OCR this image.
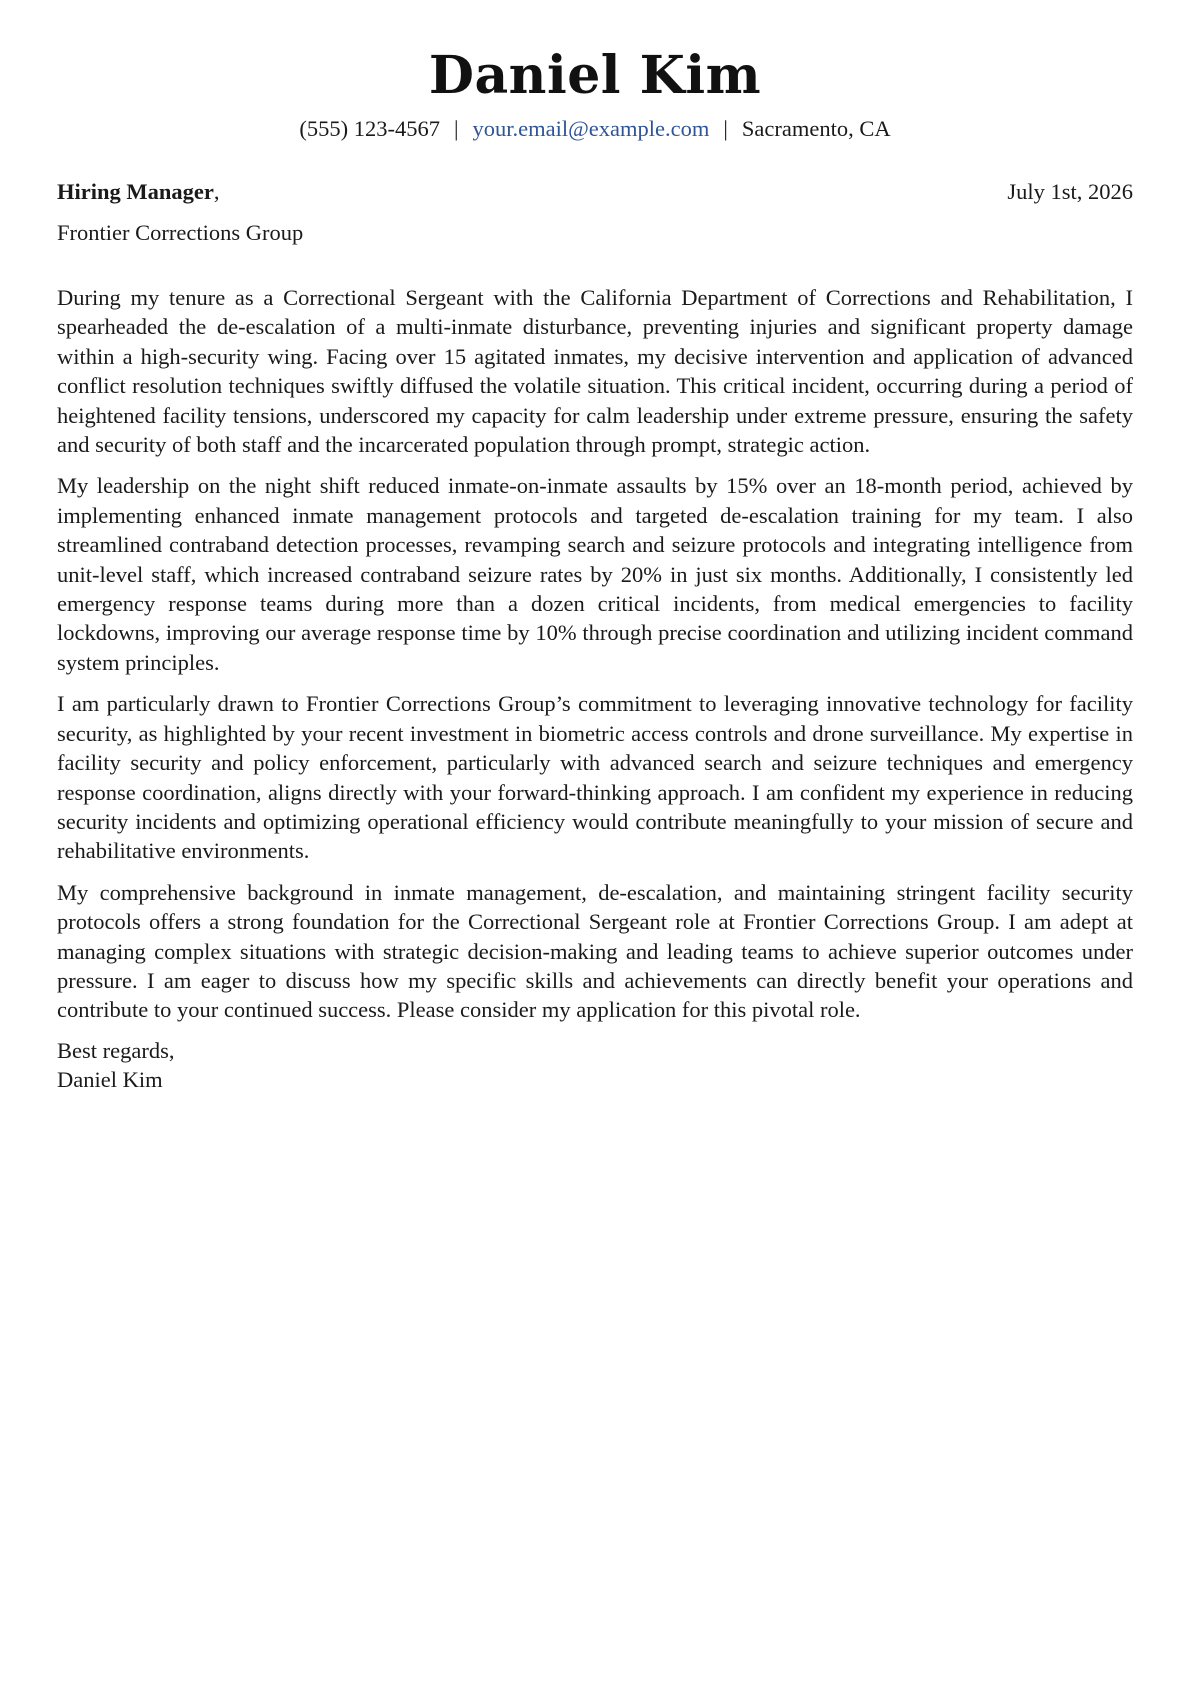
Daniel Kim
(555) 123-4567 | your.email@example.com | Sacramento, CA
Hiring Manager,	July 1st, 2026
Frontier Corrections Group

During my tenure as a Correctional Sergeant with the California Department of Corrections and Rehabilitation, I spearheaded the de-escalation of a multi-inmate disturbance, preventing injuries and significant property damage within a high-security wing. Facing over 15 agitated inmates, my decisive intervention and application of advanced conflict resolution techniques swiftly diffused the volatile situation. This critical incident, occurring during a period of heightened facility tensions, underscored my capacity for calm leadership under extreme pressure, ensuring the safety and security of both staff and the incarcerated population through prompt, strategic action.

My leadership on the night shift reduced inmate-on-inmate assaults by 15% over an 18-month period, achieved by implementing enhanced inmate management protocols and targeted de-escalation training for my team. I also streamlined contraband detection processes, revamping search and seizure protocols and integrating intelligence from unit-level staff, which increased contraband seizure rates by 20% in just six months. Additionally, I consistently led emergency response teams during more than a dozen critical incidents, from medical emergencies to facility lockdowns, improving our average response time by 10% through precise coordination and utilizing incident command system principles.

I am particularly drawn to Frontier Corrections Group’s commitment to leveraging innovative technology for facility security, as highlighted by your recent investment in biometric access controls and drone surveillance. My expertise in facility security and policy enforcement, particularly with advanced search and seizure techniques and emergency response coordination, aligns directly with your forward-thinking approach. I am confident my experience in reducing security incidents and optimizing operational efficiency would contribute meaningfully to your mission of secure and rehabilitative environments.

My comprehensive background in inmate management, de-escalation, and maintaining stringent facility security protocols offers a strong foundation for the Correctional Sergeant role at Frontier Corrections Group. I am adept at managing complex situations with strategic decision-making and leading teams to achieve superior outcomes under pressure. I am eager to discuss how my specific skills and achievements can directly benefit your operations and contribute to your continued success. Please consider my application for this pivotal role.

Best regards,
Daniel Kim
